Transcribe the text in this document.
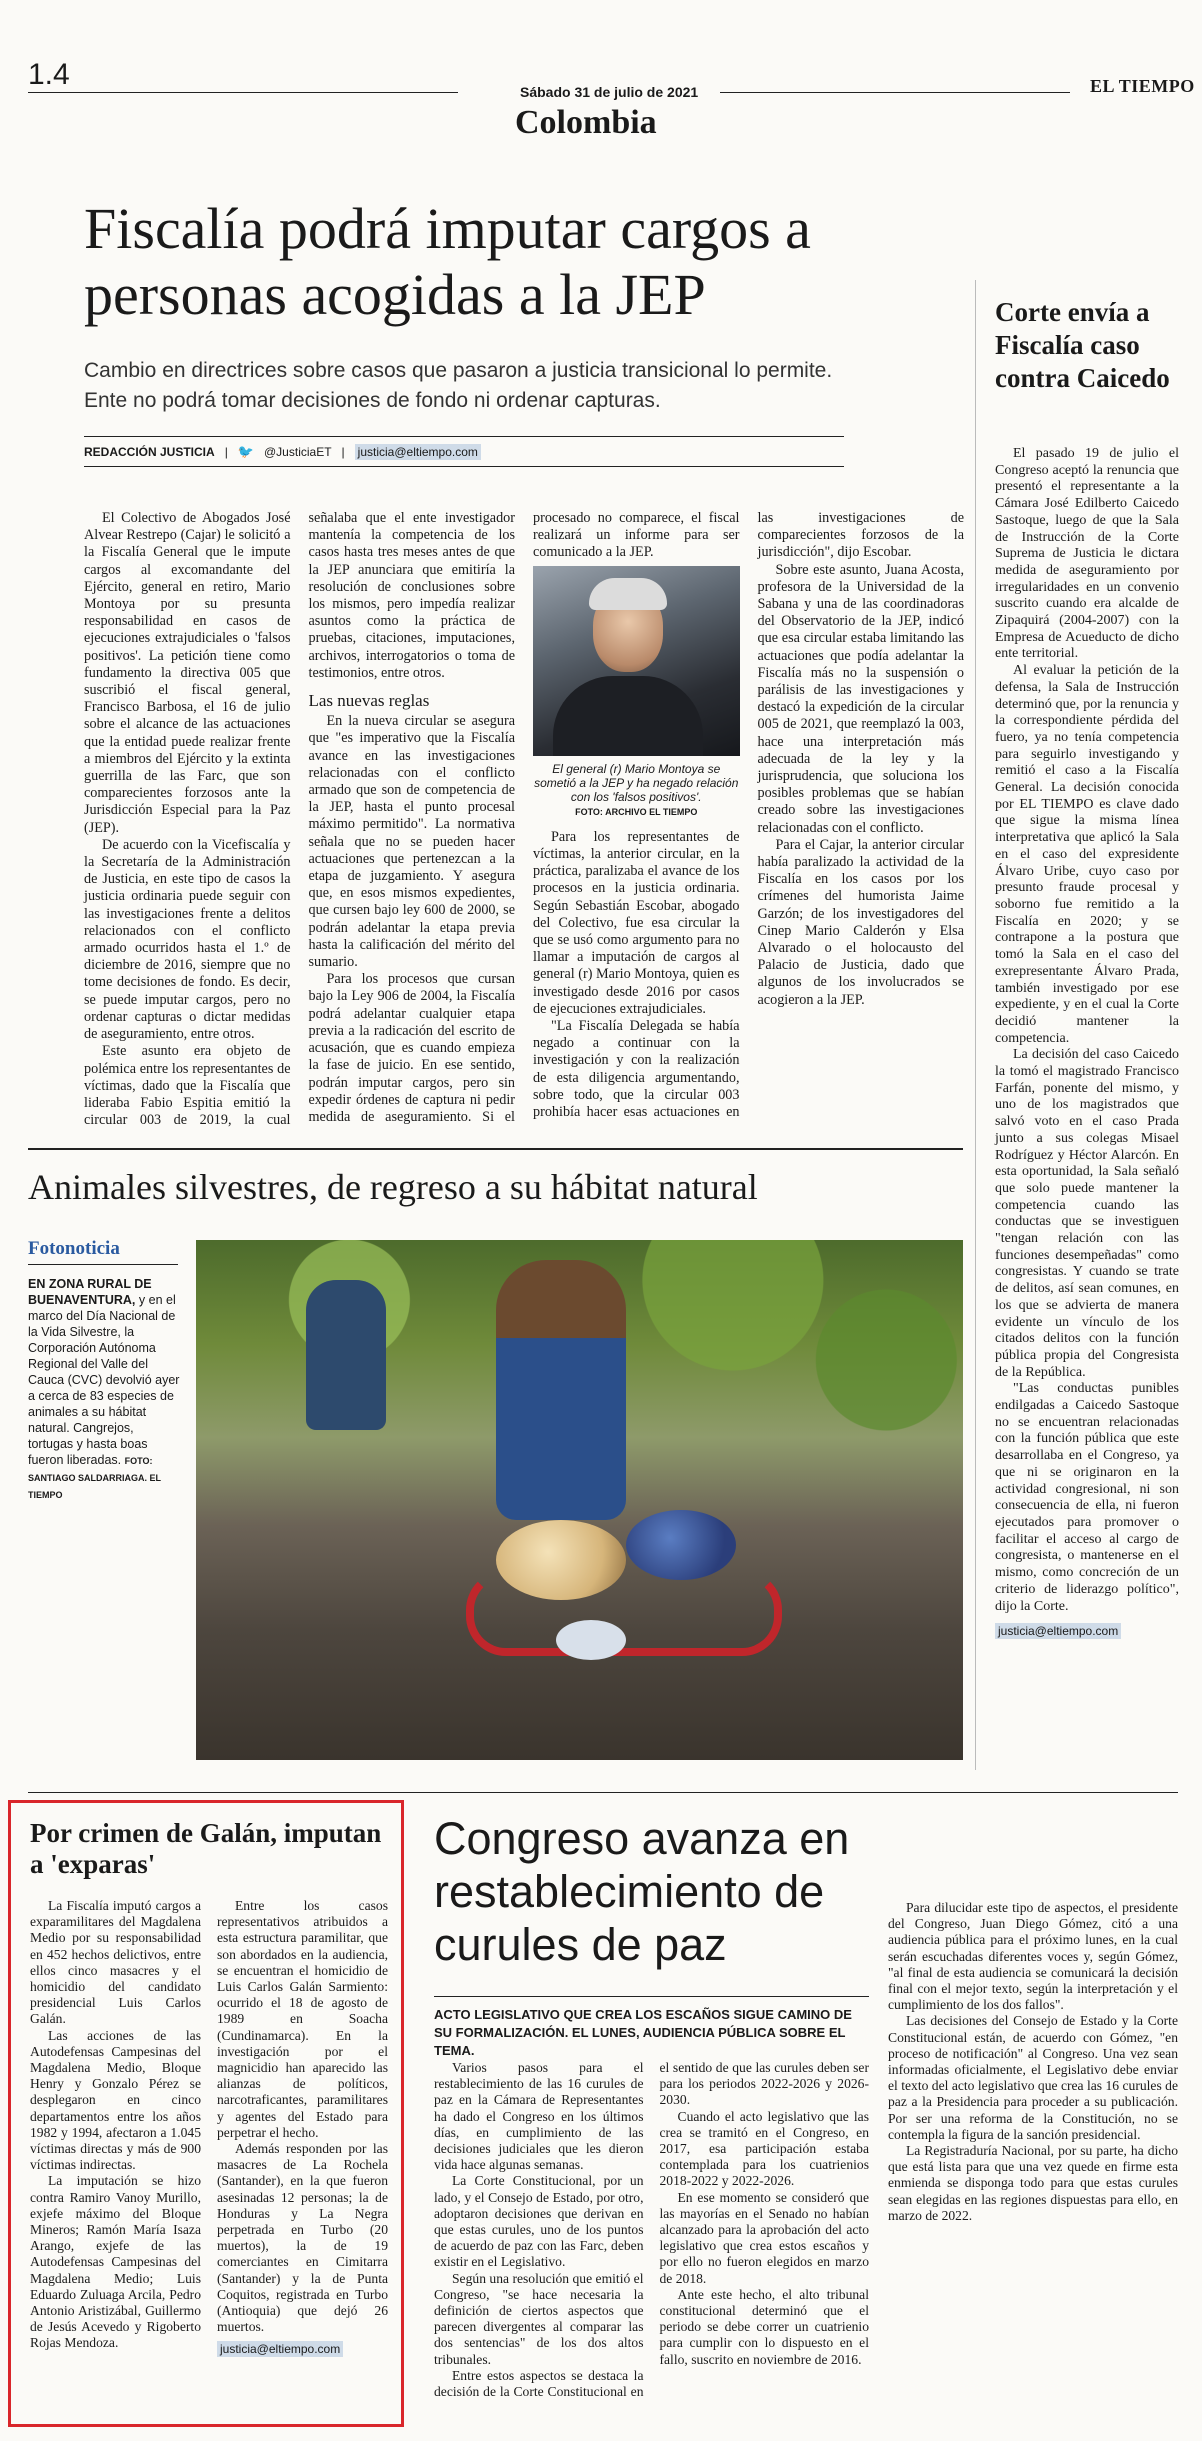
1.4
Sábado 31 de julio de 2021	EL TIEMPO
Colombia
Fiscalía podrá imputar cargos a personas acogidas a la JEP
Cambio en directrices sobre casos que pasaron a justicia transicional lo permite. Ente no podrá tomar decisiones de fondo ni ordenar capturas.
REDACCIÓN JUSTICIA | 🐦 @JusticiaET | justicia@eltiempo.com

El Colectivo de Abogados José Alvear Restrepo (Cajar) le solicitó a la Fiscalía General que le impute cargos al excomandante del Ejército, general en retiro, Mario Montoya por su presunta responsabilidad en casos de ejecuciones extrajudiciales o 'falsos positivos'. La petición tiene como fundamento la directiva 005 que suscribió el fiscal general, Francisco Barbosa, el 16 de julio sobre el alcance de las actuaciones que la entidad puede realizar frente a miembros del Ejército y la extinta guerrilla de las Farc, que son comparecientes forzosos ante la Jurisdicción Especial para la Paz (JEP).

De acuerdo con la Vicefiscalía y la Secretaría de la Administración de Justicia, en este tipo de casos la justicia ordinaria puede seguir con las investigaciones frente a delitos relacionados con el conflicto armado ocurridos hasta el 1.º de diciembre de 2016, siempre que no tome decisiones de fondo. Es decir, se puede imputar cargos, pero no ordenar capturas o dictar medidas de aseguramiento, entre otros.

Este asunto era objeto de polémica entre los representantes de víctimas, dado que la Fiscalía que lideraba Fabio Espitia emitió la circular 003 de 2019, la cual señalaba que el ente investigador mantenía la competencia de los casos hasta tres meses antes de que la JEP anunciara que emitiría la resolución de conclusiones sobre los mismos, pero impedía realizar asuntos como la práctica de pruebas, citaciones, imputaciones, archivos, interrogatorios o toma de testimonios, entre otros.

Las nuevas reglas

En la nueva circular se asegura que "es imperativo que la Fiscalía avance en las investigaciones relacionadas con el conflicto armado que son de competencia de la JEP, hasta el punto procesal máximo permitido". La normativa señala que no se pueden hacer actuaciones que pertenezcan a la etapa de juzgamiento. Y asegura que, en esos mismos expedientes, que cursen bajo ley 600 de 2000, se podrán adelantar la etapa previa hasta la calificación del mérito del sumario.

Para los procesos que cursan bajo la Ley 906 de 2004, la Fiscalía podrá adelantar cualquier etapa previa a la radicación del escrito de acusación, que es cuando empieza la fase de juicio. En ese sentido, podrán imputar cargos, pero sin expedir órdenes de captura ni pedir medida de aseguramiento. Si el procesado no comparece, el fiscal realizará un informe para ser comunicado a la JEP.

El general (r) Mario Montoya se sometió a la JEP y ha negado relación con los 'falsos positivos'.
FOTO: ARCHIVO EL TIEMPO

Para los representantes de víctimas, la anterior circular, en la práctica, paralizaba el avance de los procesos en la justicia ordinaria. Según Sebastián Escobar, abogado del Colectivo, fue esa circular la que se usó como argumento para no llamar a imputación de cargos al general (r) Mario Montoya, quien es investigado desde 2016 por casos de ejecuciones extrajudiciales.

"La Fiscalía Delegada se había negado a continuar con la investigación y con la realización de esta diligencia argumentando, sobre todo, que la circular 003 prohibía hacer esas actuaciones en las investigaciones de comparecientes forzosos de la jurisdicción", dijo Escobar.

Sobre este asunto, Juana Acosta, profesora de la Universidad de la Sabana y una de las coordinadoras del Observatorio de la JEP, indicó que esa circular estaba limitando las actuaciones que podía adelantar la Fiscalía más no la suspensión o parálisis de las investigaciones y destacó la expedición de la circular 005 de 2021, que reemplazó la 003, hace una interpretación más adecuada de la ley y la jurisprudencia, que soluciona los posibles problemas que se habían creado sobre las investigaciones relacionadas con el conflicto.

Para el Cajar, la anterior circular había paralizado la actividad de la Fiscalía en los casos por los crímenes del humorista Jaime Garzón; de los investigadores del Cinep Mario Calderón y Elsa Alvarado o el holocausto del Palacio de Justicia, dado que algunos de los involucrados se acogieron a la JEP.

Corte envía a Fiscalía caso contra Caicedo

El pasado 19 de julio el Congreso aceptó la renuncia que presentó el representante a la Cámara José Edilberto Caicedo Sastoque, luego de que la Sala de Instrucción de la Corte Suprema de Justicia le dictara medida de aseguramiento por irregularidades en un convenio suscrito cuando era alcalde de Zipaquirá (2004-2007) con la Empresa de Acueducto de dicho ente territorial.

Al evaluar la petición de la defensa, la Sala de Instrucción determinó que, por la renuncia y la correspondiente pérdida del fuero, ya no tenía competencia para seguirlo investigando y remitió el caso a la Fiscalía General. La decisión conocida por EL TIEMPO es clave dado que sigue la misma línea interpretativa que aplicó la Sala en el caso del expresidente Álvaro Uribe, cuyo caso por presunto fraude procesal y soborno fue remitido a la Fiscalía en 2020; y se contrapone a la postura que tomó la Sala en el caso del exrepresentante Álvaro Prada, también investigado por ese expediente, y en el cual la Corte decidió mantener la competencia.

La decisión del caso Caicedo la tomó el magistrado Francisco Farfán, ponente del mismo, y uno de los magistrados que salvó voto en el caso Prada junto a sus colegas Misael Rodríguez y Héctor Alarcón. En esta oportunidad, la Sala señaló que solo puede mantener la competencia cuando las conductas que se investiguen "tengan relación con las funciones desempeñadas" como congresistas. Y cuando se trate de delitos, así sean comunes, en los que se advierta de manera evidente un vínculo de los citados delitos con la función pública propia del Congresista de la República.

"Las conductas punibles endilgadas a Caicedo Sastoque no se encuentran relacionadas con la función pública que este desarrollaba en el Congreso, ya que ni se originaron en la actividad congresional, ni son consecuencia de ella, ni fueron ejecutados para promover o facilitar el acceso al cargo de congresista, o mantenerse en el mismo, como concreción de un criterio de liderazgo político", dijo la Corte.

justicia@eltiempo.com
Animales silvestres, de regreso a su hábitat natural
Fotonoticia
EN ZONA RURAL DE BUENAVENTURA, y en el marco del Día Nacional de la Vida Silvestre, la Corporación Autónoma Regional del Valle del Cauca (CVC) devolvió ayer a cerca de 83 especies de animales a su hábitat natural. Cangrejos, tortugas y hasta boas fueron liberadas. FOTO: SANTIAGO SALDARRIAGA. EL TIEMPO
Por crimen de Galán, imputan a 'exparas'

La Fiscalía imputó cargos a exparamilitares del Magdalena Medio por su responsabilidad en 452 hechos delictivos, entre ellos cinco masacres y el homicidio del candidato presidencial Luis Carlos Galán.

Las acciones de las Autodefensas Campesinas del Magdalena Medio, Bloque Henry y Gonzalo Pérez se desplegaron en cinco departamentos entre los años 1982 y 1994, afectaron a 1.045 víctimas directas y más de 900 víctimas indirectas.

La imputación se hizo contra Ramiro Vanoy Murillo, exjefe máximo del Bloque Mineros; Ramón María Isaza Arango, exjefe de las Autodefensas Campesinas del Magdalena Medio; Luis Eduardo Zuluaga Arcila, Pedro Antonio Aristizábal, Guillermo de Jesús Acevedo y Rigoberto Rojas Mendoza.

Entre los casos representativos atribuidos a esta estructura paramilitar, que son abordados en la audiencia, se encuentran el homicidio de Luis Carlos Galán Sarmiento: ocurrido el 18 de agosto de 1989 en Soacha (Cundinamarca). En la investigación por el magnicidio han aparecido las alianzas de políticos, narcotraficantes, paramilitares y agentes del Estado para perpetrar el hecho.

Además responden por las masacres de La Rochela (Santander), en la que fueron asesinadas 12 personas; la de Honduras y La Negra perpetrada en Turbo (20 muertos), la de 19 comerciantes en Cimitarra (Santander) y la de Punta Coquitos, registrada en Turbo (Antioquia) que dejó 26 muertos.

justicia@eltiempo.com
Congreso avanza en restablecimiento de curules de paz
ACTO LEGISLATIVO QUE CREA LOS ESCAÑOS SIGUE CAMINO DE SU FORMALIZACIÓN. EL LUNES, AUDIENCIA PÚBLICA SOBRE EL TEMA.

Varios pasos para el restablecimiento de las 16 curules de paz en la Cámara de Representantes ha dado el Congreso en los últimos días, en cumplimiento de las decisiones judiciales que les dieron vida hace algunas semanas.

La Corte Constitucional, por un lado, y el Consejo de Estado, por otro, adoptaron decisiones que derivan en que estas curules, uno de los puntos de acuerdo de paz con las Farc, deben existir en el Legislativo.

Según una resolución que emitió el Congreso, "se hace necesaria la definición de ciertos aspectos que parecen divergentes al comparar las dos sentencias" de los dos altos tribunales.

Entre estos aspectos se destaca la decisión de la Corte Constitucional en el sentido de que las curules deben ser para los periodos 2022-2026 y 2026-2030.

Cuando el acto legislativo que las crea se tramitó en el Congreso, en 2017, esa participación estaba contemplada para los cuatrienios 2018-2022 y 2022-2026.

En ese momento se consideró que las mayorías en el Senado no habían alcanzado para la aprobación del acto legislativo que crea estos escaños y por ello no fueron elegidos en marzo de 2018.

Ante este hecho, el alto tribunal constitucional determinó que el periodo se debe correr un cuatrienio para cumplir con lo dispuesto en el fallo, suscrito en noviembre de 2016.

Para dilucidar este tipo de aspectos, el presidente del Congreso, Juan Diego Gómez, citó a una audiencia pública para el próximo lunes, en la cual serán escuchadas diferentes voces y, según Gómez, "al final de esta audiencia se comunicará la decisión final con el mejor texto, según la interpretación y el cumplimiento de los dos fallos".

Las decisiones del Consejo de Estado y la Corte Constitucional están, de acuerdo con Gómez, "en proceso de notificación" al Congreso. Una vez sean informadas oficialmente, el Legislativo debe enviar el texto del acto legislativo que crea las 16 curules de paz a la Presidencia para proceder a su publicación. Por ser una reforma de la Constitución, no se contempla la figura de la sanción presidencial.

La Registraduría Nacional, por su parte, ha dicho que está lista para que una vez quede en firme esta enmienda se disponga todo para que estas curules sean elegidas en las regiones dispuestas para ello, en marzo de 2022.
